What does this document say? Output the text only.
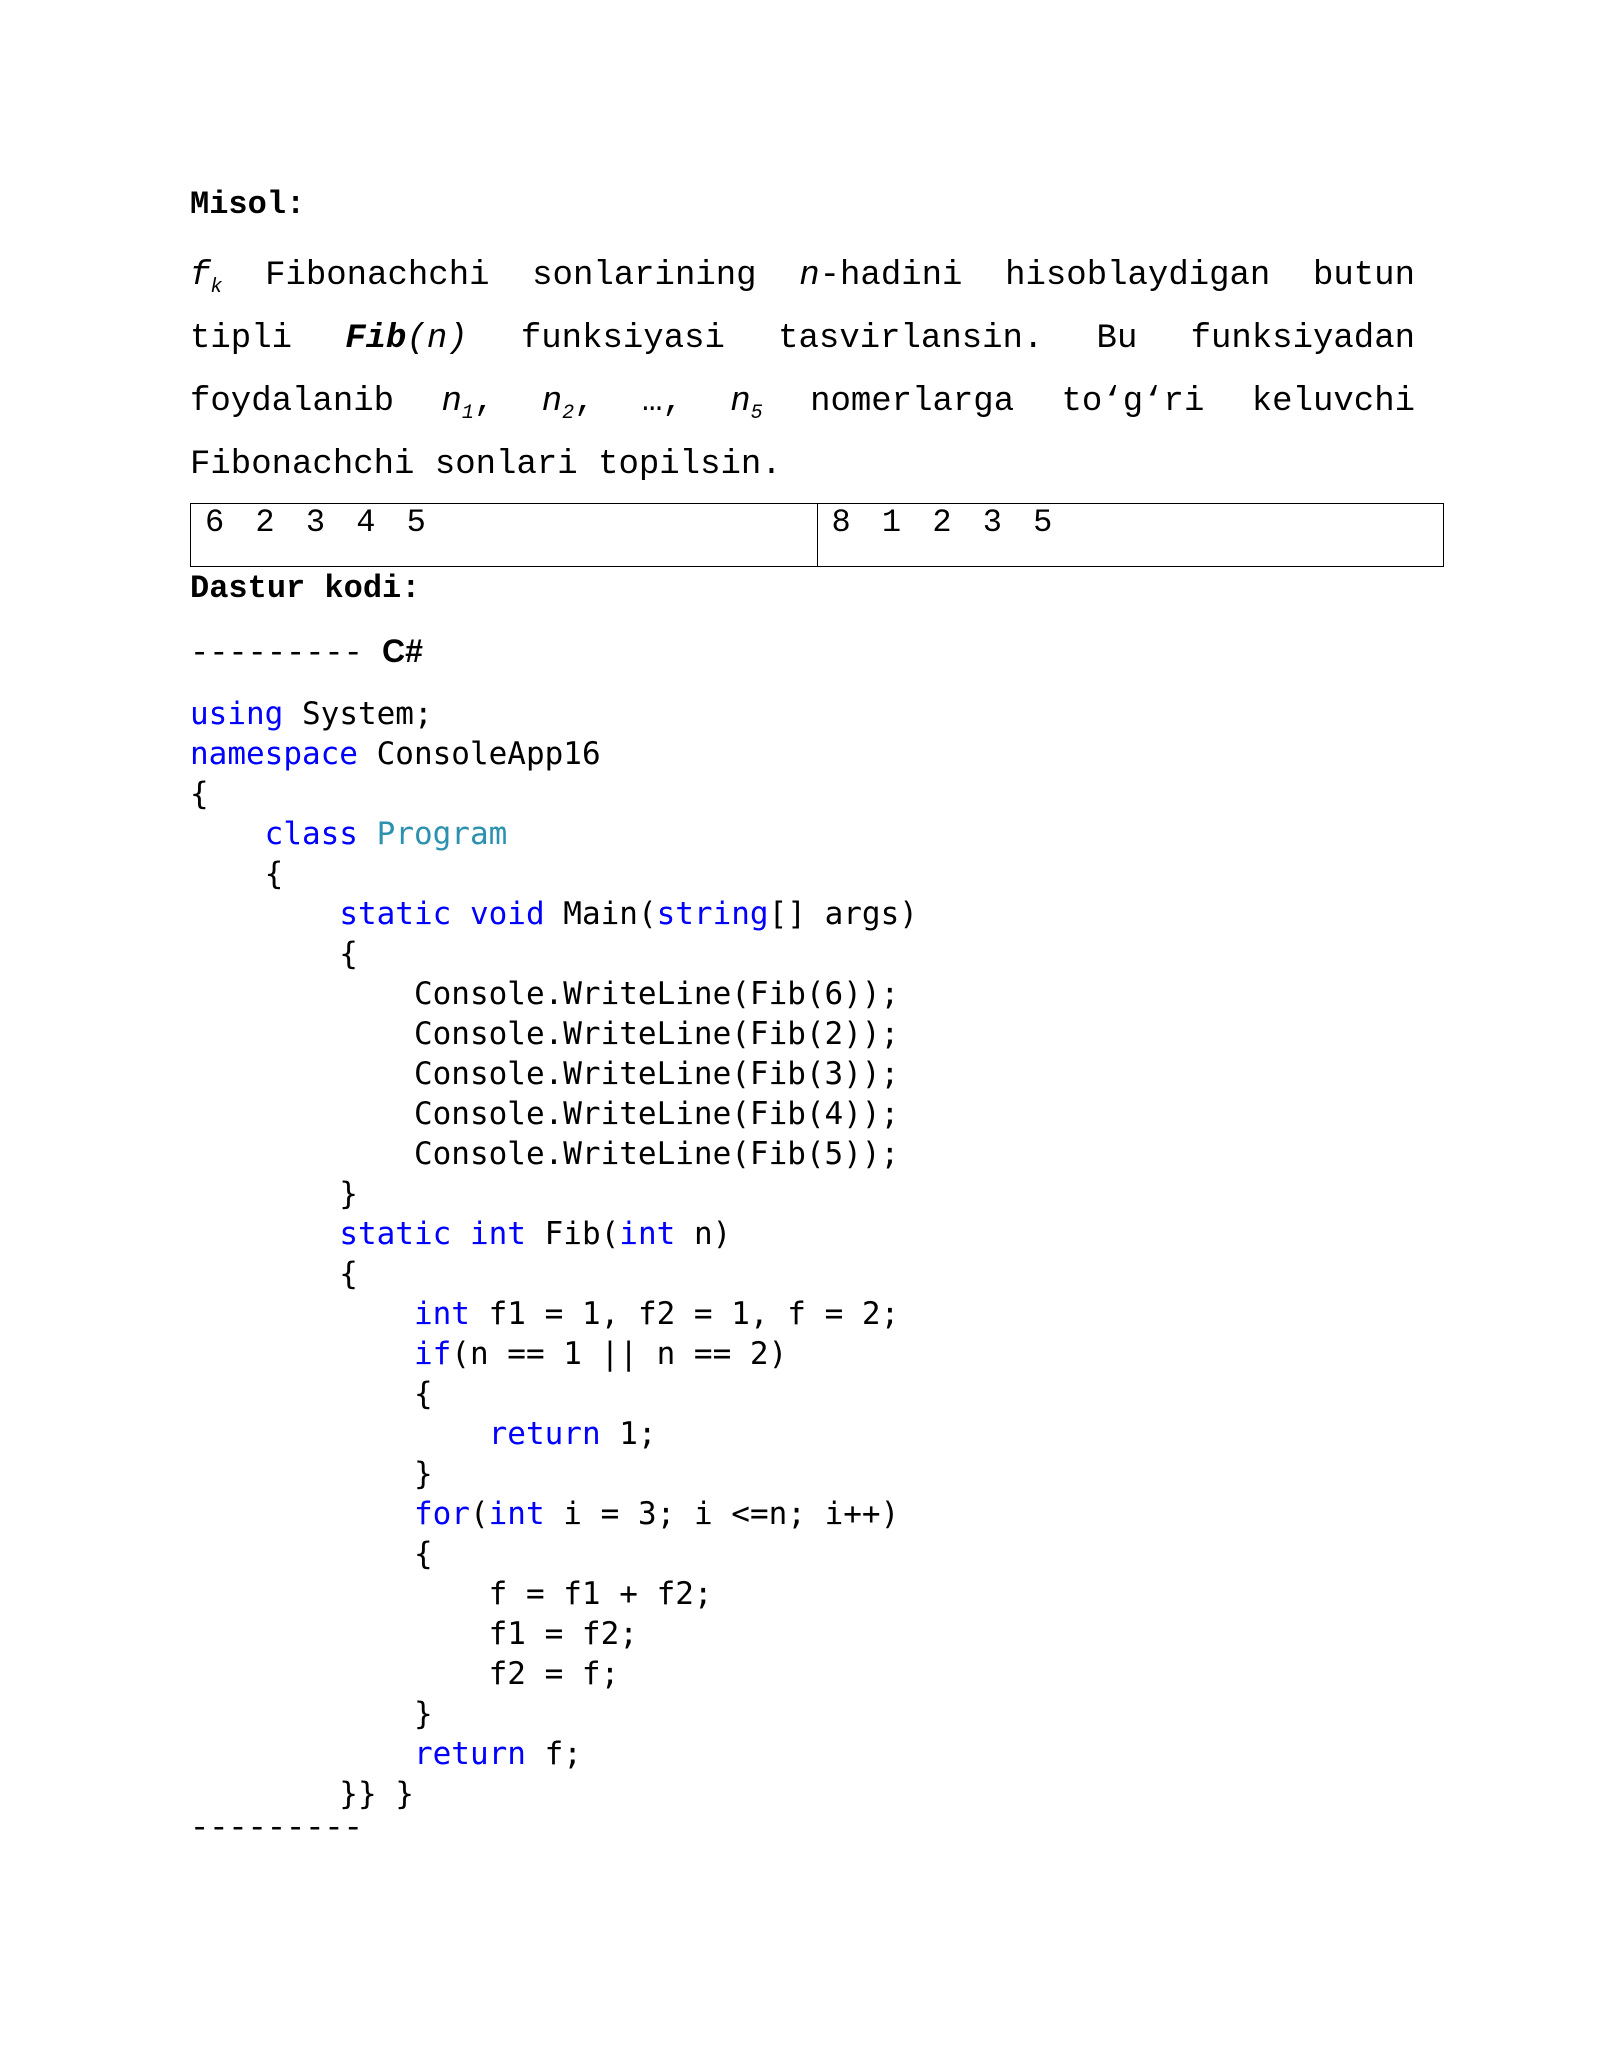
Misol:
$f_k$ Fibonachchi sonlarining n-hadini hisoblaydigan butun tipli Fib(n) funksiyasi tasvirlansin. Bu funksiyadan foydalanib $n_1$, $n_2$, …, $n_5$ nomerlarga to‘g‘ri keluvchi Fibonachchi sonlari topilsin.
6 2 3 4 5	8 1 2 3 5
Dastur kodi:
--------- C#
using System;
namespace ConsoleApp16
{
class Program
{
static void Main(string[] args)
{
Console.WriteLine(Fib(6));
Console.WriteLine(Fib(2));
Console.WriteLine(Fib(3));
Console.WriteLine(Fib(4));
Console.WriteLine(Fib(5));
}
static int Fib(int n)
{
int f1 = 1, f2 = 1, f = 2;
if(n == 1 || n == 2)
{
return 1;
}
for(int i = 3; i <=n; i++)
{
f = f1 + f2;
f1 = f2;
f2 = f;
}
return f;
}} }
---------
